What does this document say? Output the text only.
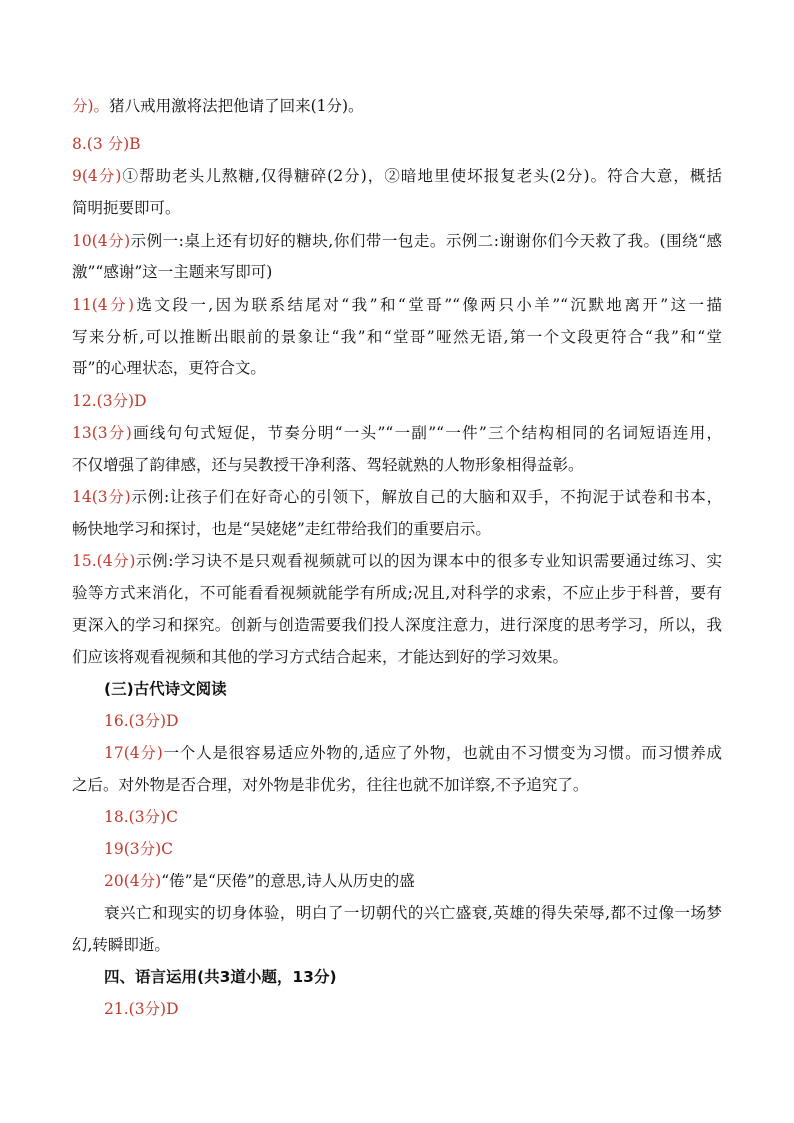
分)。猪八戒用激将法把他请了回来(1分)。
8.(3 分)B
9(4分)①帮助老头儿熬糖,仅得糖碎(2分)，②暗地里使坏报复老头(2分)。符合大意，概括
简明扼要即可。
10(4分)示例一:桌上还有切好的糖块,你们带一包走。示例二:谢谢你们今天救了我。(围绕“感
激”“感谢”这一主题来写即可)
11(4分)选文段一,因为联系结尾对“我”和“堂哥”“像两只小羊”“沉默地离开”这一描
写来分析,可以推断出眼前的景象让“我”和“堂哥”哑然无语,第一个文段更符合“我”和“堂
哥”的心理状态，更符合文。
12.(3分)D
13(3分)画线句句式短促，节奏分明“一头”“一副”“一件”三个结构相同的名词短语连用，
不仅增强了韵律感，还与吴教授干净利落、驾轻就熟的人物形象相得益彰。
14(3分)示例:让孩子们在好奇心的引领下，解放自己的大脑和双手，不拘泥于试卷和书本，
畅快地学习和探讨，也是“吴姥姥”走红带给我们的重要启示。
15.(4分)示例:学习诀不是只观看视频就可以的因为课本中的很多专业知识需要通过练习、实
验等方式来消化，不可能看看视频就能学有所成;况且,对科学的求索，不应止步于科普，要有
更深入的学习和探究。创新与创造需要我们投人深度注意力，进行深度的思考学习，所以，我
们应该将观看视频和其他的学习方式结合起来，才能达到好的学习效果。
(三)古代诗文阅读
16.(3分)D
17(4分)一个人是很容易适应外物的,适应了外物，也就由不习惯变为习惯。而习惯养成
之后。对外物是否合理，对外物是非优劣，往往也就不加详察,不予追究了。
18.(3分)C
19(3分)C
20(4分)“倦”是“厌倦”的意思,诗人从历史的盛
衰兴亡和现实的切身体验，明白了一切朝代的兴亡盛衰,英雄的得失荣辱,都不过像一场梦
幻,转瞬即逝。
四、语言运用(共3道小题，13分)
21.(3分)D
